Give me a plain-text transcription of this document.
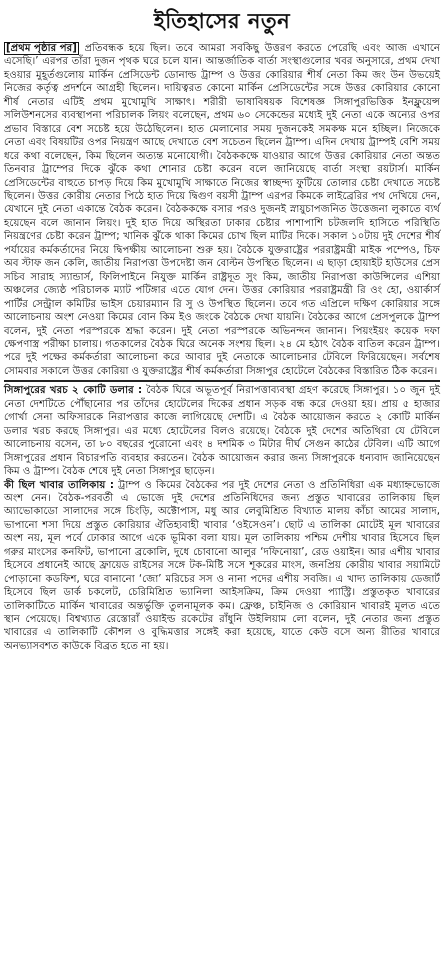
ইতিহাসের নতুন

[প্রথম পৃষ্ঠার পর] প্রতিবন্ধক হয়ে ছিল। তবে আমরা সবকিছু উত্তরণ করতে পেরেছি এবং আজ এখানে এসেছি।’ এরপর তাঁরা দুজন পৃথক ঘরে চলে যান। আন্তর্জাতিক বার্তা সংস্থাগুলোর খবর অনুসারে, প্রথম দেখা হওয়ার মুহূর্তগুলোয় মার্কিন প্রেসিডেন্ট ডোনাল্ড ট্রাম্প ও উত্তর কোরিয়ার শীর্ষ নেতা কিম জং উন উভয়েই নিজের কর্তৃত্ব প্রদর্শনে আগ্রহী ছিলেন। দায়িত্বরত কোনো মার্কিন প্রেসিডেন্টের সঙ্গে উত্তর কোরিয়ার কোনো শীর্ষ নেতার এটিই প্রথম মুখোমুখি সাক্ষাৎ। শরীরী ভাষাবিষয়ক বিশেষজ্ঞ সিঙ্গাপুরভিত্তিক ইনফ্লুয়েন্স সলিউশনসের ব্যবস্থাপনা পরিচালক লিয়ং বলেছেন, প্রথম ৬০ সেকেন্ডের মধ্যেই দুই নেতা একে অন্যের ওপর প্রভাব বিস্তারে বেশ সচেষ্ট হয়ে উঠেছিলেন। হাত মেলানোর সময় দুজনকেই সমকক্ষ মনে হচ্ছিল। নিজেকে নেতা এবং বিষয়টির ওপর নিয়ন্ত্রণ আছে দেখাতে বেশ সচেতন ছিলেন ট্রাম্প। এদিন দেখায় ট্রাম্পই বেশি সময় ধরে কথা বলেছেন, কিম ছিলেন অত্যন্ত মনোযোগী। বৈঠককক্ষে যাওয়ার আগে উত্তর কোরিয়ার নেতা অন্তত তিনবার ট্রাম্পের দিকে ঝুঁকে কথা শোনার চেষ্টা করেন বলে জানিয়েছে বার্তা সংস্থা রয়টার্স। মার্কিন প্রেসিডেন্টের বাহুতে চাপড় দিয়ে কিম মুখোমুখি সাক্ষাতে নিজের স্বাচ্ছন্দ্য ফুটিয়ে তোলার চেষ্টা দেখাতে সচেষ্ট ছিলেন। উত্তর কোরীয় নেতার পিঠে হাত দিয়ে দ্বিগুণ বয়সী ট্রাম্প এরপর কিমকে লাইব্রেরির পথ দেখিয়ে দেন, যেখানে দুই নেতা একান্তে বৈঠক করেন। বৈঠককক্ষে বসার পরও দুজনই স্নায়ুচাপজনিত উত্তেজনা লুকাতে ব্যর্থ হয়েছেন বলে জানান লিয়ং। দুই হাত দিয়ে অস্থিরতা ঢাকার চেষ্টার পাশাপাশি চটজলদি হাসিতে পরিস্থিতি নিয়ন্ত্রণের চেষ্টা করেন ট্রাম্প; খানিক ঝুঁকে থাকা কিমের চোখ ছিল মাটির দিকে। সকাল ১০টায় দুই দেশের শীর্ষ পর্যায়ের কর্মকর্তাদের নিয়ে দ্বিপক্ষীয় আলোচনা শুরু হয়। বৈঠকে যুক্তরাষ্ট্রের পররাষ্ট্রমন্ত্রী মাইক পম্পেও, চিফ অব স্টাফ জন কেলি, জাতীয় নিরাপত্তা উপদেষ্টা জন বোল্টন উপস্থিত ছিলেন। এ ছাড়া হোয়াইট হাউসের প্রেস সচিব সারাহ স্যান্ডার্স, ফিলিপাইনে নিযুক্ত মার্কিন রাষ্ট্রদূত সুং কিম, জাতীয় নিরাপত্তা কাউন্সিলের এশিয়া অঞ্চলের জ্যেষ্ঠ পরিচালক ম্যাট পটিঙ্গার এতে যোগ দেন। উত্তর কোরিয়ার পররাষ্ট্রমন্ত্রী রি ওং হো, ওয়ার্কার্স পার্টির সেন্ট্রাল কমিটির ভাইস চেয়ারম্যান রি সু ও উপস্থিত ছিলেন। তবে গত এপ্রিলে দক্ষিণ কোরিয়ার সঙ্গে আলোচনায় অংশ নেওয়া কিমের বোন কিম ইও জংকে বৈঠকে দেখা যায়নি। বৈঠকের আগে প্রেসপুলকে ট্রাম্প বলেন, দুই নেতা পরস্পরকে শ্রদ্ধা করেন। দুই নেতা পরস্পরকে অভিনন্দন জানান। পিয়ংইয়ং কয়েক দফা ক্ষেপণাস্ত্র পরীক্ষা চালায়। গতকালের বৈঠক ঘিরে অনেক সংশয় ছিল। ২৪ মে হঠাৎ বৈঠক বাতিল করেন ট্রাম্প। পরে দুই পক্ষের কর্মকর্তারা আলোচনা করে আবার দুই নেতাকে আলোচনার টেবিলে ফিরিয়েছেন। সর্বশেষ সোমবার সকালে উত্তর কোরিয়া ও যুক্তরাষ্ট্রের শীর্ষ কর্মকর্তারা সিঙ্গাপুর হোটেলে বৈঠকের বিস্তারিত ঠিক করেন।

সিঙ্গাপুরের খরচ ২ কোটি ডলার : বৈঠক ঘিরে অভূতপূর্ব নিরাপত্তাব্যবস্থা গ্রহণ করেছে সিঙ্গাপুর। ১০ জুন দুই নেতা দেশটিতে পৌঁছানোর পর তাঁদের হোটেলের দিকের প্রধান সড়ক বন্ধ করে দেওয়া হয়। প্রায় ৫ হাজার গোর্খা সেনা অফিসারকে নিরাপত্তার কাজে লাগিয়েছে দেশটি। এ বৈঠক আয়োজন করতে ২ কোটি মার্কিন ডলার খরচ করছে সিঙ্গাপুর। এর মধ্যে হোটেলের বিলও রয়েছে। বৈঠকে দুই দেশের অতিথিরা যে টেবিলে আলোচনায় বসেন, তা ৮০ বছরের পুরোনো এবং ৪ দশমিক ৩ মিটার দীর্ঘ সেগুন কাঠের টেবিল। এটি আগে সিঙ্গাপুরের প্রধান বিচারপতি ব্যবহার করতেন। বৈঠক আয়োজন করার জন্য সিঙ্গাপুরকে ধন্যবাদ জানিয়েছেন কিম ও ট্রাম্প। বৈঠক শেষে দুই নেতা সিঙ্গাপুর ছাড়েন।

কী ছিল খাবার তালিকায় : ট্রাম্প ও কিমের বৈঠকের পর দুই দেশের নেতা ও প্রতিনিধিরা এক মধ্যাহ্নভোজে অংশ নেন। বৈঠক-পরবর্তী এ ভোজে দুই দেশের প্রতিনিধিদের জন্য প্রস্তুত খাবারের তালিকায় ছিল অ্যাভোকাডো সালাদের সঙ্গে চিংড়ি, অক্টোপাস, মধু আর লেবুমিশ্রিত বিখ্যাত মালয় কাঁচা আমের সালাদ, ভাপানো শসা দিয়ে প্রস্তুত কোরিয়ার ঐতিহ্যবাহী খাবার ‘ওইসেওন’। ছোট এ তালিকা মোটেই মূল খাবারের অংশ নয়, মূল পর্বে ঢোকার আগে একে ভূমিকা বলা যায়। মূল তালিকায় পশ্চিম দেশীয় খাবার হিসেবে ছিল গরুর মাংসের কনফিট, ভাপানো ব্রকোলি, দুধে চোবানো আলুর ‘দফিনোয়া’, রেড ওয়াইন। আর এশীয় খাবার হিসেবে প্রধানেই আছে ফ্রায়েড রাইসের সঙ্গে টক-মিষ্টি সসে শূকরের মাংস, জনপ্রিয় কোরীয় খাবার সয়ামিটে পোড়ানো কডফিশ, ঘরে বানানো ‘জো’ মরিচের সস ও নানা পদের এশীয় সবজি। এ খাদ্য তালিকায় ডেজার্ট হিসেবে ছিল ডার্ক চকলেট, চেরিমিশ্রিত ভ্যানিলা আইসক্রিম, ক্রিম দেওয়া প্যাস্ট্রি। প্রস্তুতকৃত খাবারের তালিকাটিতে মার্কিন খাবারের অন্তর্ভুক্তি তুলনামূলক কম। ফ্রেঞ্চ, চাইনিজ ও কোরিয়ান খাবারই মূলত এতে স্থান পেয়েছে। বিশ্বখ্যাত রেস্তোরাঁ ওয়াইল্ড রকেটের রাঁধুনি উইলিয়াম লো বলেন, দুই নেতার জন্য প্রস্তুত খাবারের এ তালিকাটি কৌশল ও বুদ্ধিমত্তার সঙ্গেই করা হয়েছে, যাতে কেউ বসে অন্য রীতির খাবারে অনভ্যাসবশত কাউকে বিব্রত হতে না হয়।
